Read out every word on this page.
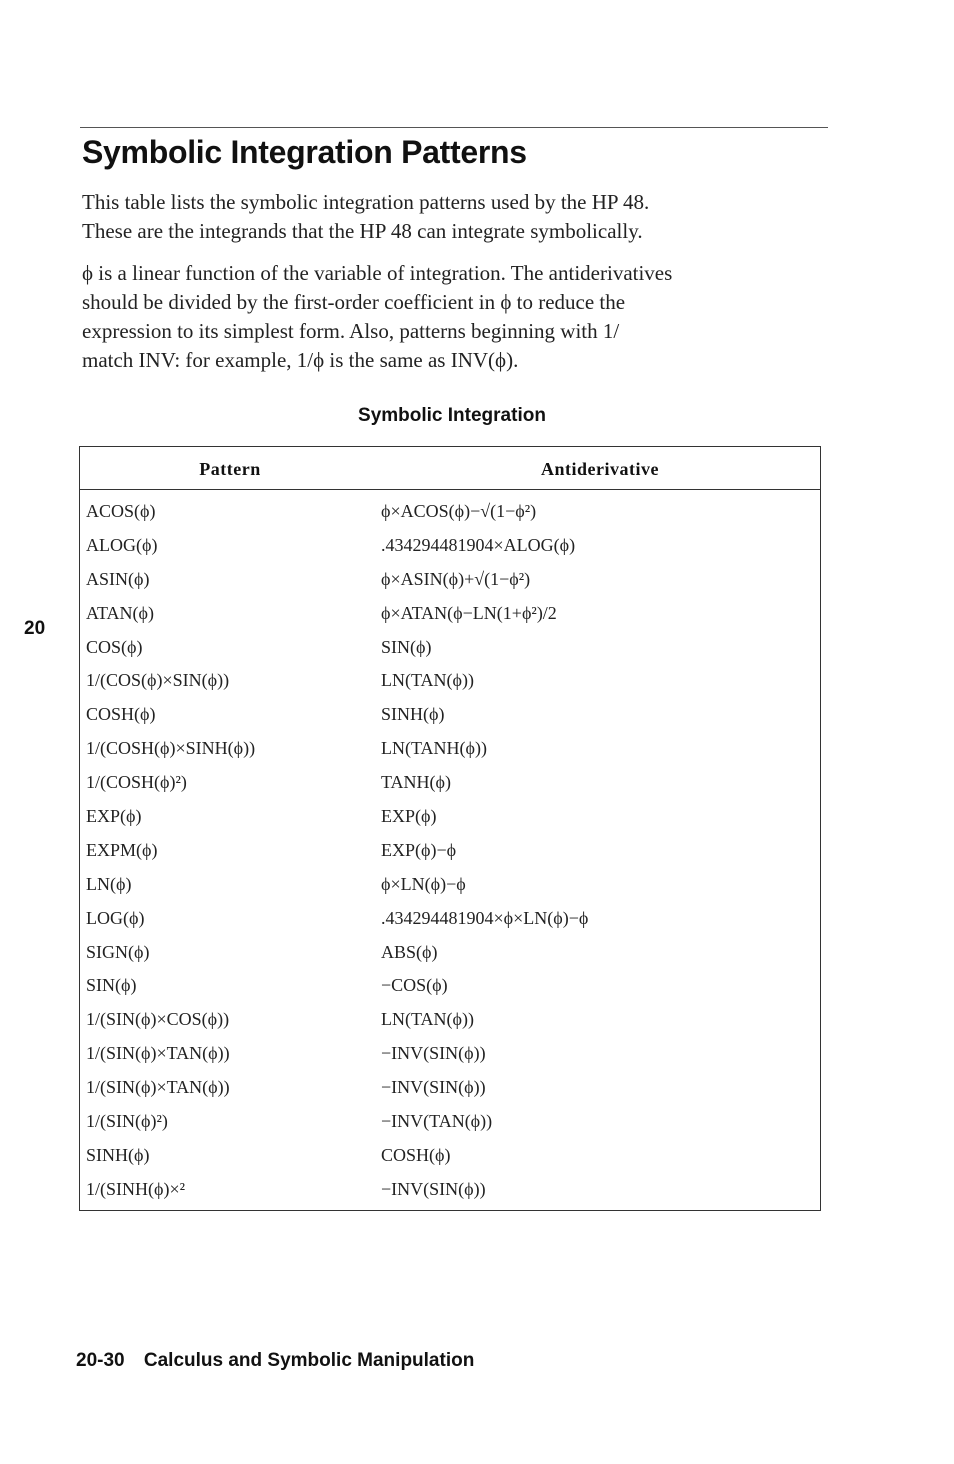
Symbolic Integration Patterns
This table lists the symbolic integration patterns used by the HP 48.
These are the integrands that the HP 48 can integrate symbolically.
ϕ is a linear function of the variable of integration. The antiderivatives
should be divided by the first-order coefficient in ϕ to reduce the
expression to its simplest form. Also, patterns beginning with 1/
match INV: for example, 1/ϕ is the same as INV(ϕ).
20
Symbolic Integration
Pattern	Antiderivative
ACOS(ϕ)	ϕ×ACOS(ϕ)−√(1−ϕ²)
ALOG(ϕ)	.434294481904×ALOG(ϕ)
ASIN(ϕ)	ϕ×ASIN(ϕ)+√(1−ϕ²)
ATAN(ϕ)	ϕ×ATAN(ϕ−LN(1+ϕ²)/2
COS(ϕ)	SIN(ϕ)
1/(COS(ϕ)×SIN(ϕ))	LN(TAN(ϕ))
COSH(ϕ)	SINH(ϕ)
1/(COSH(ϕ)×SINH(ϕ))	LN(TANH(ϕ))
1/(COSH(ϕ)²)	TANH(ϕ)
EXP(ϕ)	EXP(ϕ)
EXPM(ϕ)	EXP(ϕ)−ϕ
LN(ϕ)	ϕ×LN(ϕ)−ϕ
LOG(ϕ)	.434294481904×ϕ×LN(ϕ)−ϕ
SIGN(ϕ)	ABS(ϕ)
SIN(ϕ)	−COS(ϕ)
1/(SIN(ϕ)×COS(ϕ))	LN(TAN(ϕ))
1/(SIN(ϕ)×TAN(ϕ))	−INV(SIN(ϕ))
1/(SIN(ϕ)×TAN(ϕ))	−INV(SIN(ϕ))
1/(SIN(ϕ)²)	−INV(TAN(ϕ))
SINH(ϕ)	COSH(ϕ)
1/(SINH(ϕ)×²	−INV(SIN(ϕ))
20-30 Calculus and Symbolic Manipulation
